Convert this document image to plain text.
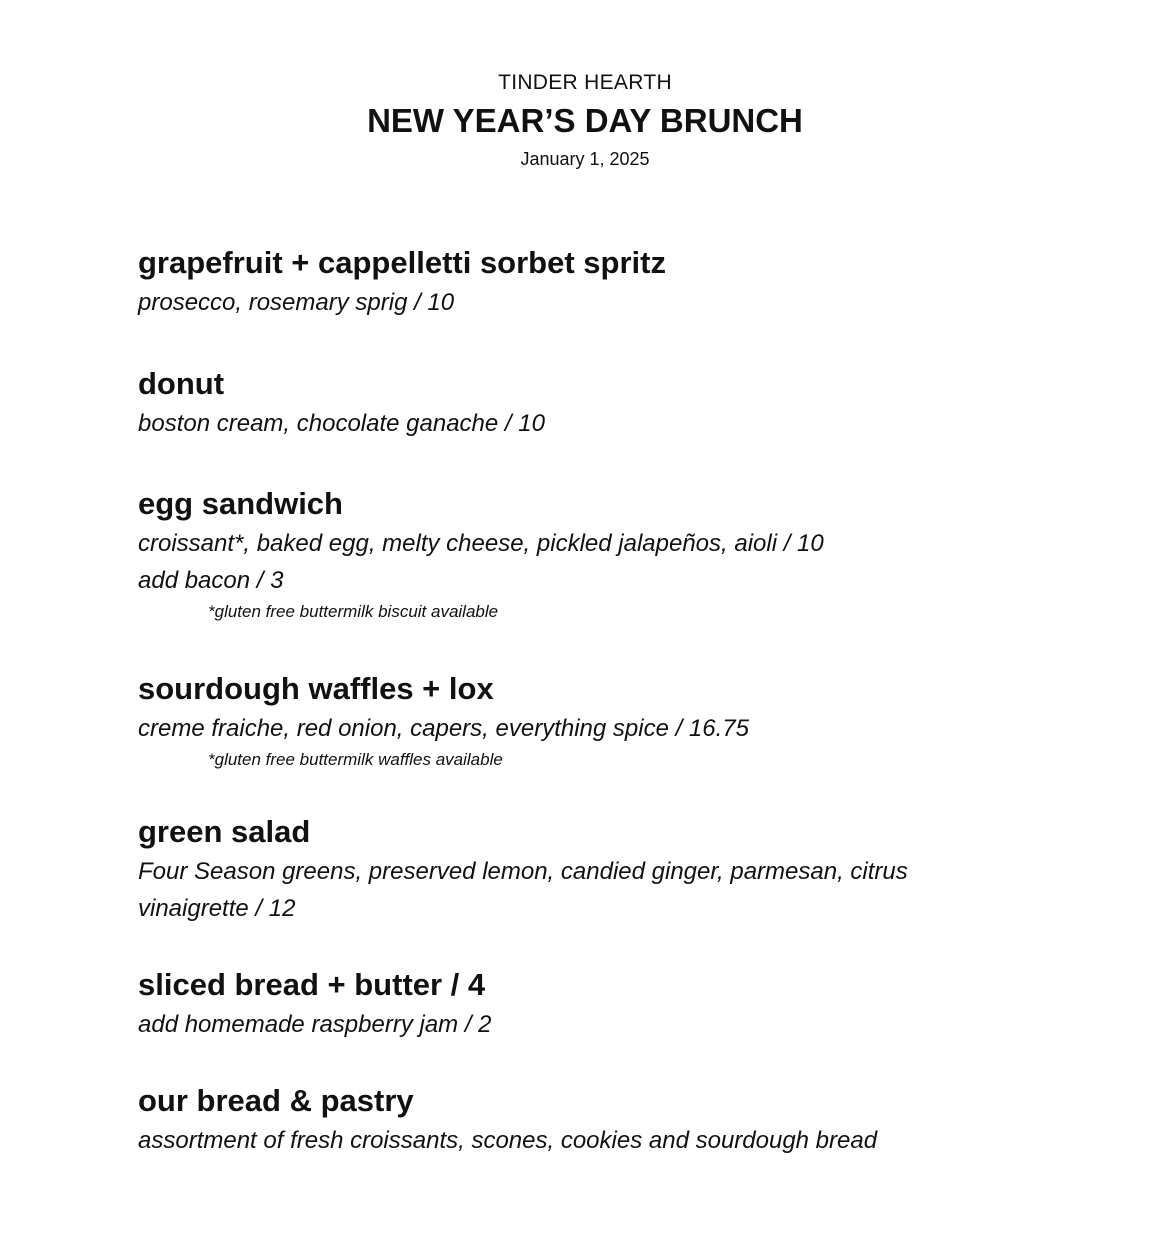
TINDER HEARTH
NEW YEAR’S DAY BRUNCH
January 1, 2025
grapefruit + cappelletti sorbet spritz
prosecco, rosemary sprig / 10
donut
boston cream, chocolate ganache / 10
egg sandwich
croissant*, baked egg, melty cheese, pickled jalapeños, aioli / 10
add bacon / 3
*gluten free buttermilk biscuit available
sourdough waffles + lox
creme fraiche, red onion, capers, everything spice / 16.75
*gluten free buttermilk waffles available
green salad
Four Season greens, preserved lemon, candied ginger, parmesan, citrus vinaigrette / 12
sliced bread + butter / 4
add homemade raspberry jam / 2
our bread & pastry
assortment of fresh croissants, scones, cookies and sourdough bread
